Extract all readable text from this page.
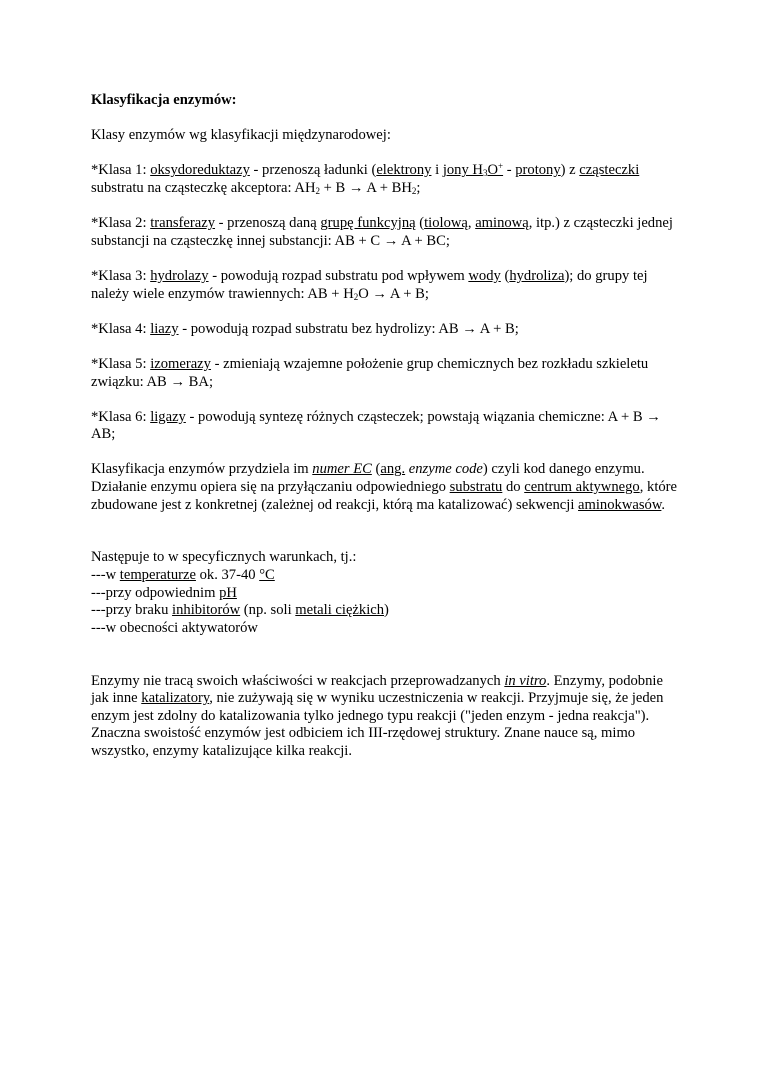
Klasyfikacja enzymów:

Klasy enzymów wg klasyfikacji międzynarodowej:

*Klasa 1: oksydoreduktazy - przenoszą ładunki (elektrony i jony $H_3O^+$ - protony) z cząsteczki substratu na cząsteczkę akceptora: $AH_2 + B \to A + BH_2$;

*Klasa 2: transferazy - przenoszą daną grupę funkcyjną (tiolową, aminową, itp.) z cząsteczki jednej substancji na cząsteczkę innej substancji: AB + C → A + BC;

*Klasa 3: hydrolazy - powodują rozpad substratu pod wpływem wody (hydroliza); do grupy tej należy wiele enzymów trawiennych: AB + $H_2O \to A + B$;

*Klasa 4: liazy - powodują rozpad substratu bez hydrolizy: AB → A + B;

*Klasa 5: izomerazy - zmieniają wzajemne położenie grup chemicznych bez rozkładu szkieletu związku: AB → BA;

*Klasa 6: ligazy - powodują syntezę różnych cząsteczek; powstają wiązania chemiczne: A + B → AB;

Klasyfikacja enzymów przydziela im numer EC (ang. enzyme code) czyli kod danego enzymu. Działanie enzymu opiera się na przyłączaniu odpowiedniego substratu do centrum aktywnego, które zbudowane jest z konkretnej (zależnej od reakcji, którą ma katalizować) sekwencji aminokwasów.

Następuje to w specyficznych warunkach, tj.:

---w temperaturze ok. 37-40 °C

---przy odpowiednim pH

---przy braku inhibitorów (np. soli metali ciężkich)

---w obecności aktywatorów

Enzymy nie tracą swoich właściwości w reakcjach przeprowadzanych in vitro. Enzymy, podobnie jak inne katalizatory, nie zużywają się w wyniku uczestniczenia w reakcji. Przyjmuje się, że jeden enzym jest zdolny do katalizowania tylko jednego typu reakcji ("jeden enzym - jedna reakcja"). Znaczna swoistość enzymów jest odbiciem ich III-rzędowej struktury. Znane nauce są, mimo wszystko, enzymy katalizujące kilka reakcji.
